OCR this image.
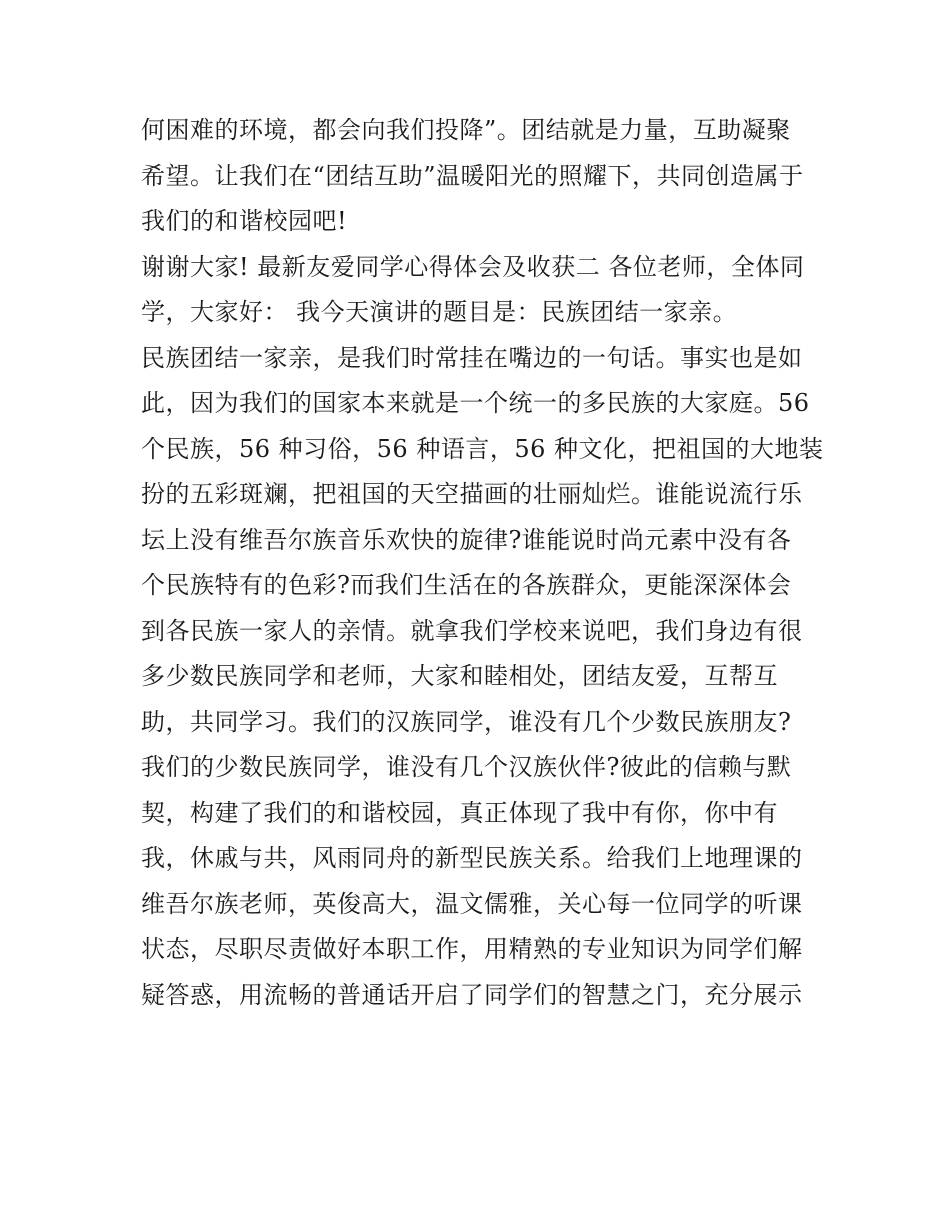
何困难的环境，都会向我们投降”。团结就是力量，互助凝聚
希望。让我们在“团结互助”温暖阳光的照耀下，共同创造属于
我们的和谐校园吧!
谢谢大家! 最新友爱同学心得体会及收获二 各位老师，全体同
学，大家好： 我今天演讲的题目是：民族团结一家亲。
民族团结一家亲，是我们时常挂在嘴边的一句话。事实也是如
此，因为我们的国家本来就是一个统一的多民族的大家庭。56
个民族，56 种习俗，56 种语言，56 种文化，把祖国的大地装
扮的五彩斑斓，把祖国的天空描画的壮丽灿烂。谁能说流行乐
坛上没有维吾尔族音乐欢快的旋律?谁能说时尚元素中没有各
个民族特有的色彩?而我们生活在的各族群众，更能深深体会
到各民族一家人的亲情。就拿我们学校来说吧，我们身边有很
多少数民族同学和老师，大家和睦相处，团结友爱，互帮互
助，共同学习。我们的汉族同学，谁没有几个少数民族朋友?
我们的少数民族同学，谁没有几个汉族伙伴?彼此的信赖与默
契，构建了我们的和谐校园，真正体现了我中有你，你中有
我，休戚与共，风雨同舟的新型民族关系。给我们上地理课的
维吾尔族老师，英俊高大，温文儒雅，关心每一位同学的听课
状态，尽职尽责做好本职工作，用精熟的专业知识为同学们解
疑答惑，用流畅的普通话开启了同学们的智慧之门，充分展示
